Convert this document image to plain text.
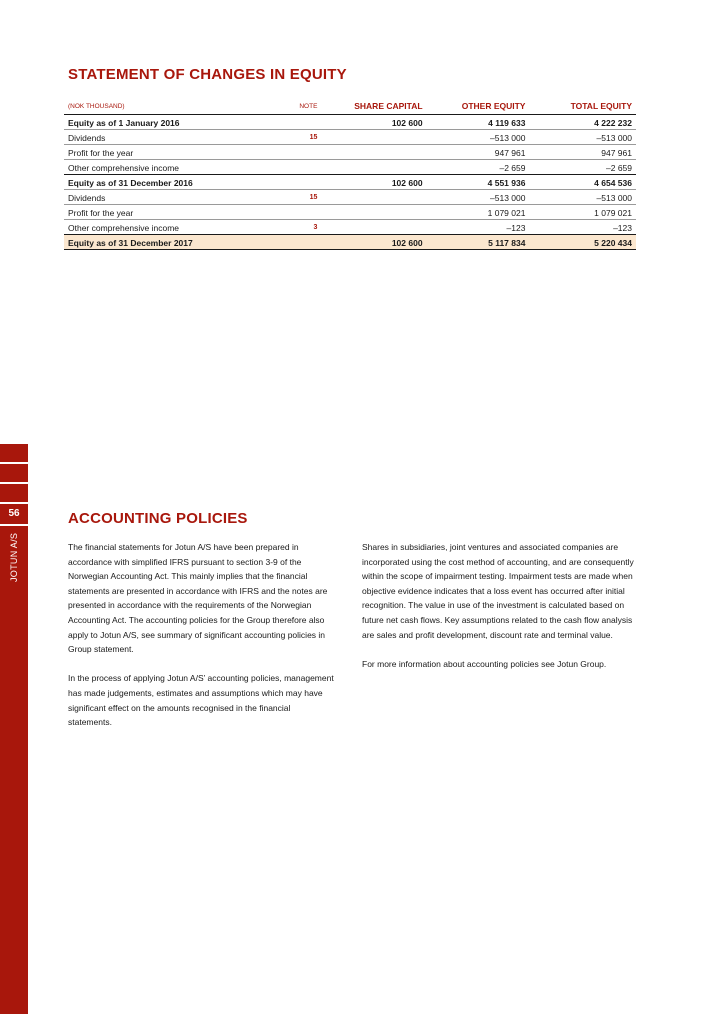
56
JOTUN A/S
STATEMENT OF CHANGES IN EQUITY
(NOK THOUSAND)	NOTE	SHARE CAPITAL	OTHER EQUITY	TOTAL EQUITY
Equity as of 1 January 2016		102 600	4 119 633	4 222 232
Dividends	15		–513 000	–513 000
Profit for the year			947 961	947 961
Other comprehensive income			–2 659	–2 659
Equity as of 31 December 2016		102 600	4 551 936	4 654 536
Dividends	15		–513 000	–513 000
Profit for the year			1 079 021	1 079 021
Other comprehensive income	3		–123	–123
Equity as of 31 December 2017		102 600	5 117 834	5 220 434
ACCOUNTING POLICIES

The financial statements for Jotun A/S have been prepared in accordance with simplified IFRS pursuant to section 3-9 of the Norwegian Accounting Act. This mainly implies that the financial statements are presented in accordance with IFRS and the notes are presented in accordance with the requirements of the Norwegian Accounting Act. The accounting policies for the Group therefore also apply to Jotun A/S, see summary of significant accounting policies in Group statement.

In the process of applying Jotun A/S’ accounting policies, management has made judgements, estimates and assumptions which may have significant effect on the amounts recognised in the financial statements.

Shares in subsidiaries, joint ventures and associated companies are incorporated using the cost method of accounting, and are consequently within the scope of impairment testing. Impairment tests are made when objective evidence indicates that a loss event has occurred after initial recognition. The value in use of the investment is calculated based on future net cash flows. Key assumptions related to the cash flow analysis are sales and profit development, discount rate and terminal value.

For more information about accounting policies see Jotun Group.
